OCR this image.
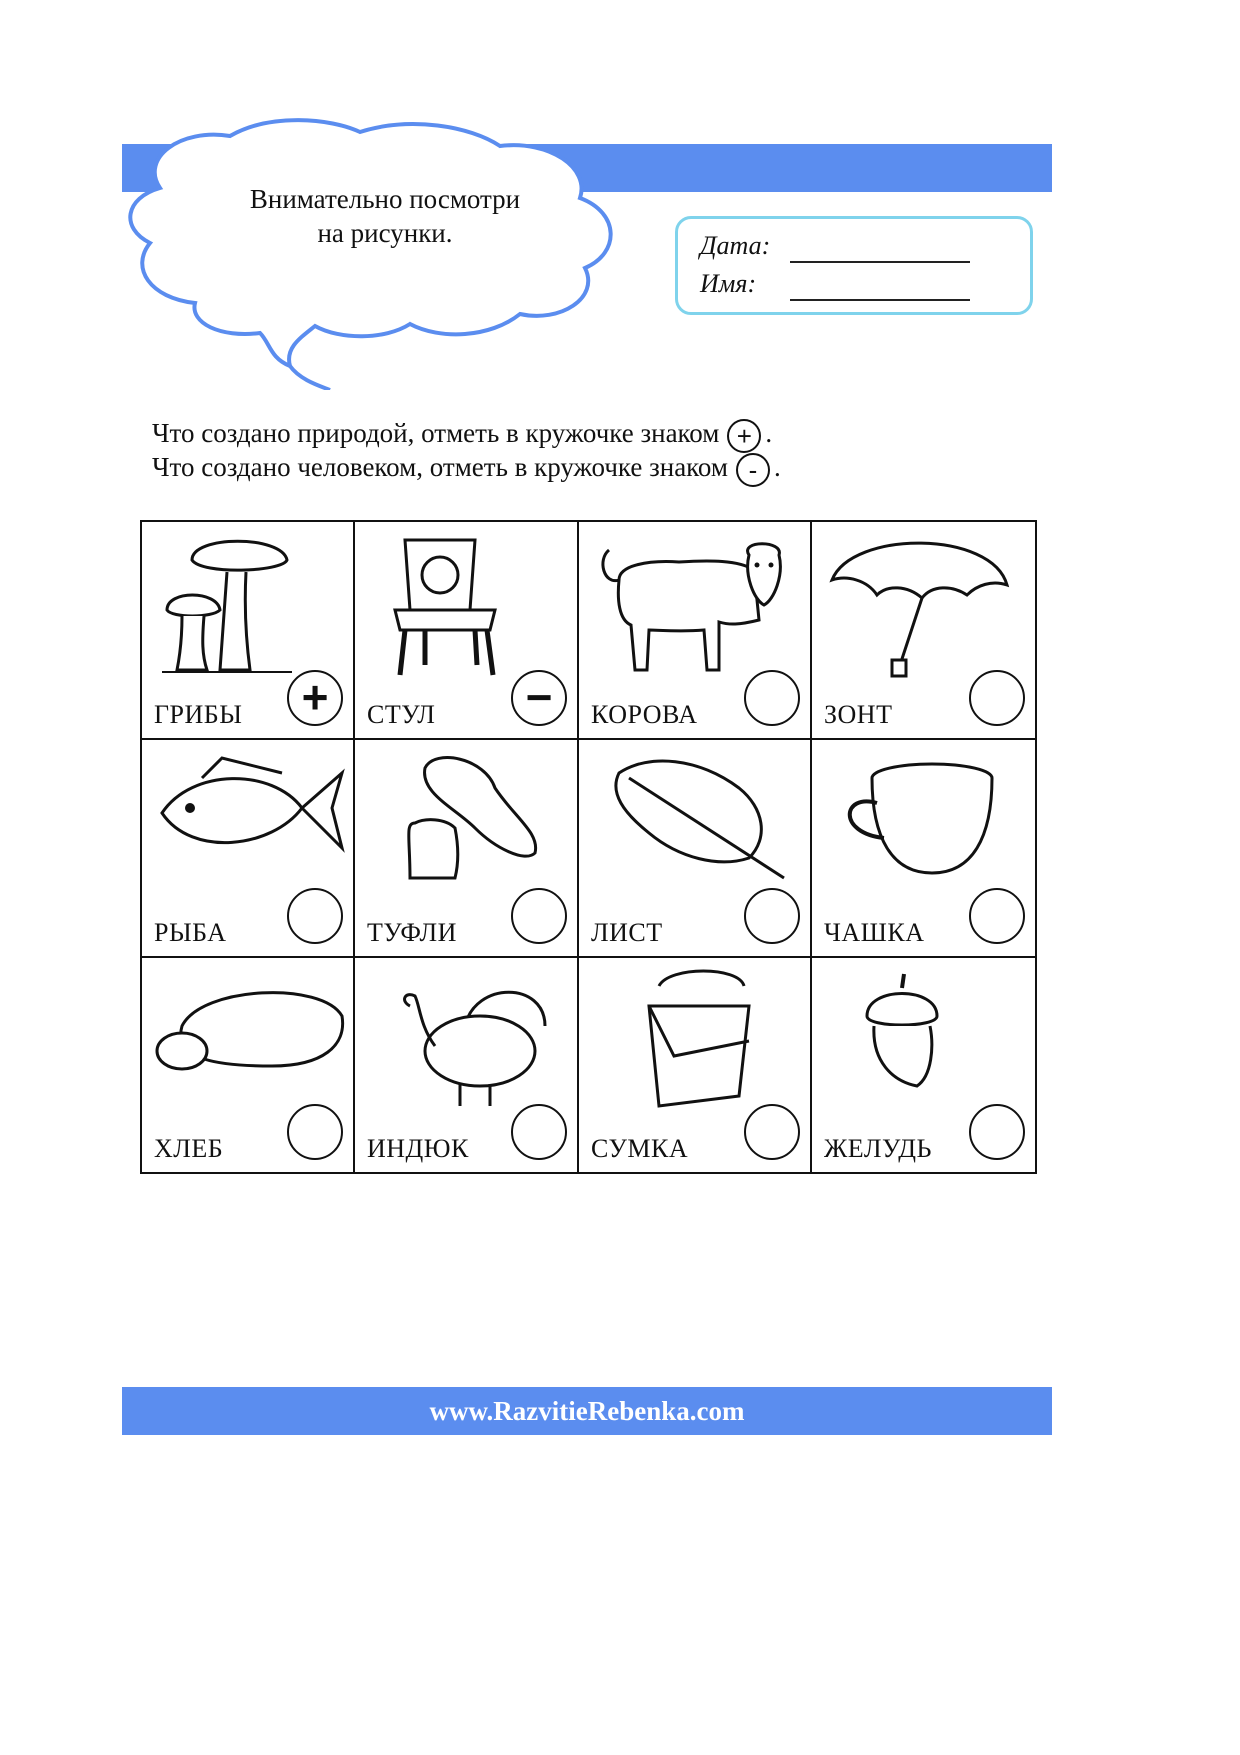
Внимательно посмотри
на рисунки.	Дата:
Имя:
Что создано природой, отметь в кружочке знаком + .
Что создано человеком, отметь в кружочке знаком - .
ГРИБЫ	+	СТУЛ	−	КОРОВА	ЗОНТ
РЫБА	ТУФЛИ	ЛИСТ	ЧАШКА
ХЛЕБ	ИНДЮК	СУМКА	ЖЕЛУДЬ
www.RazvitieRebenka.com
